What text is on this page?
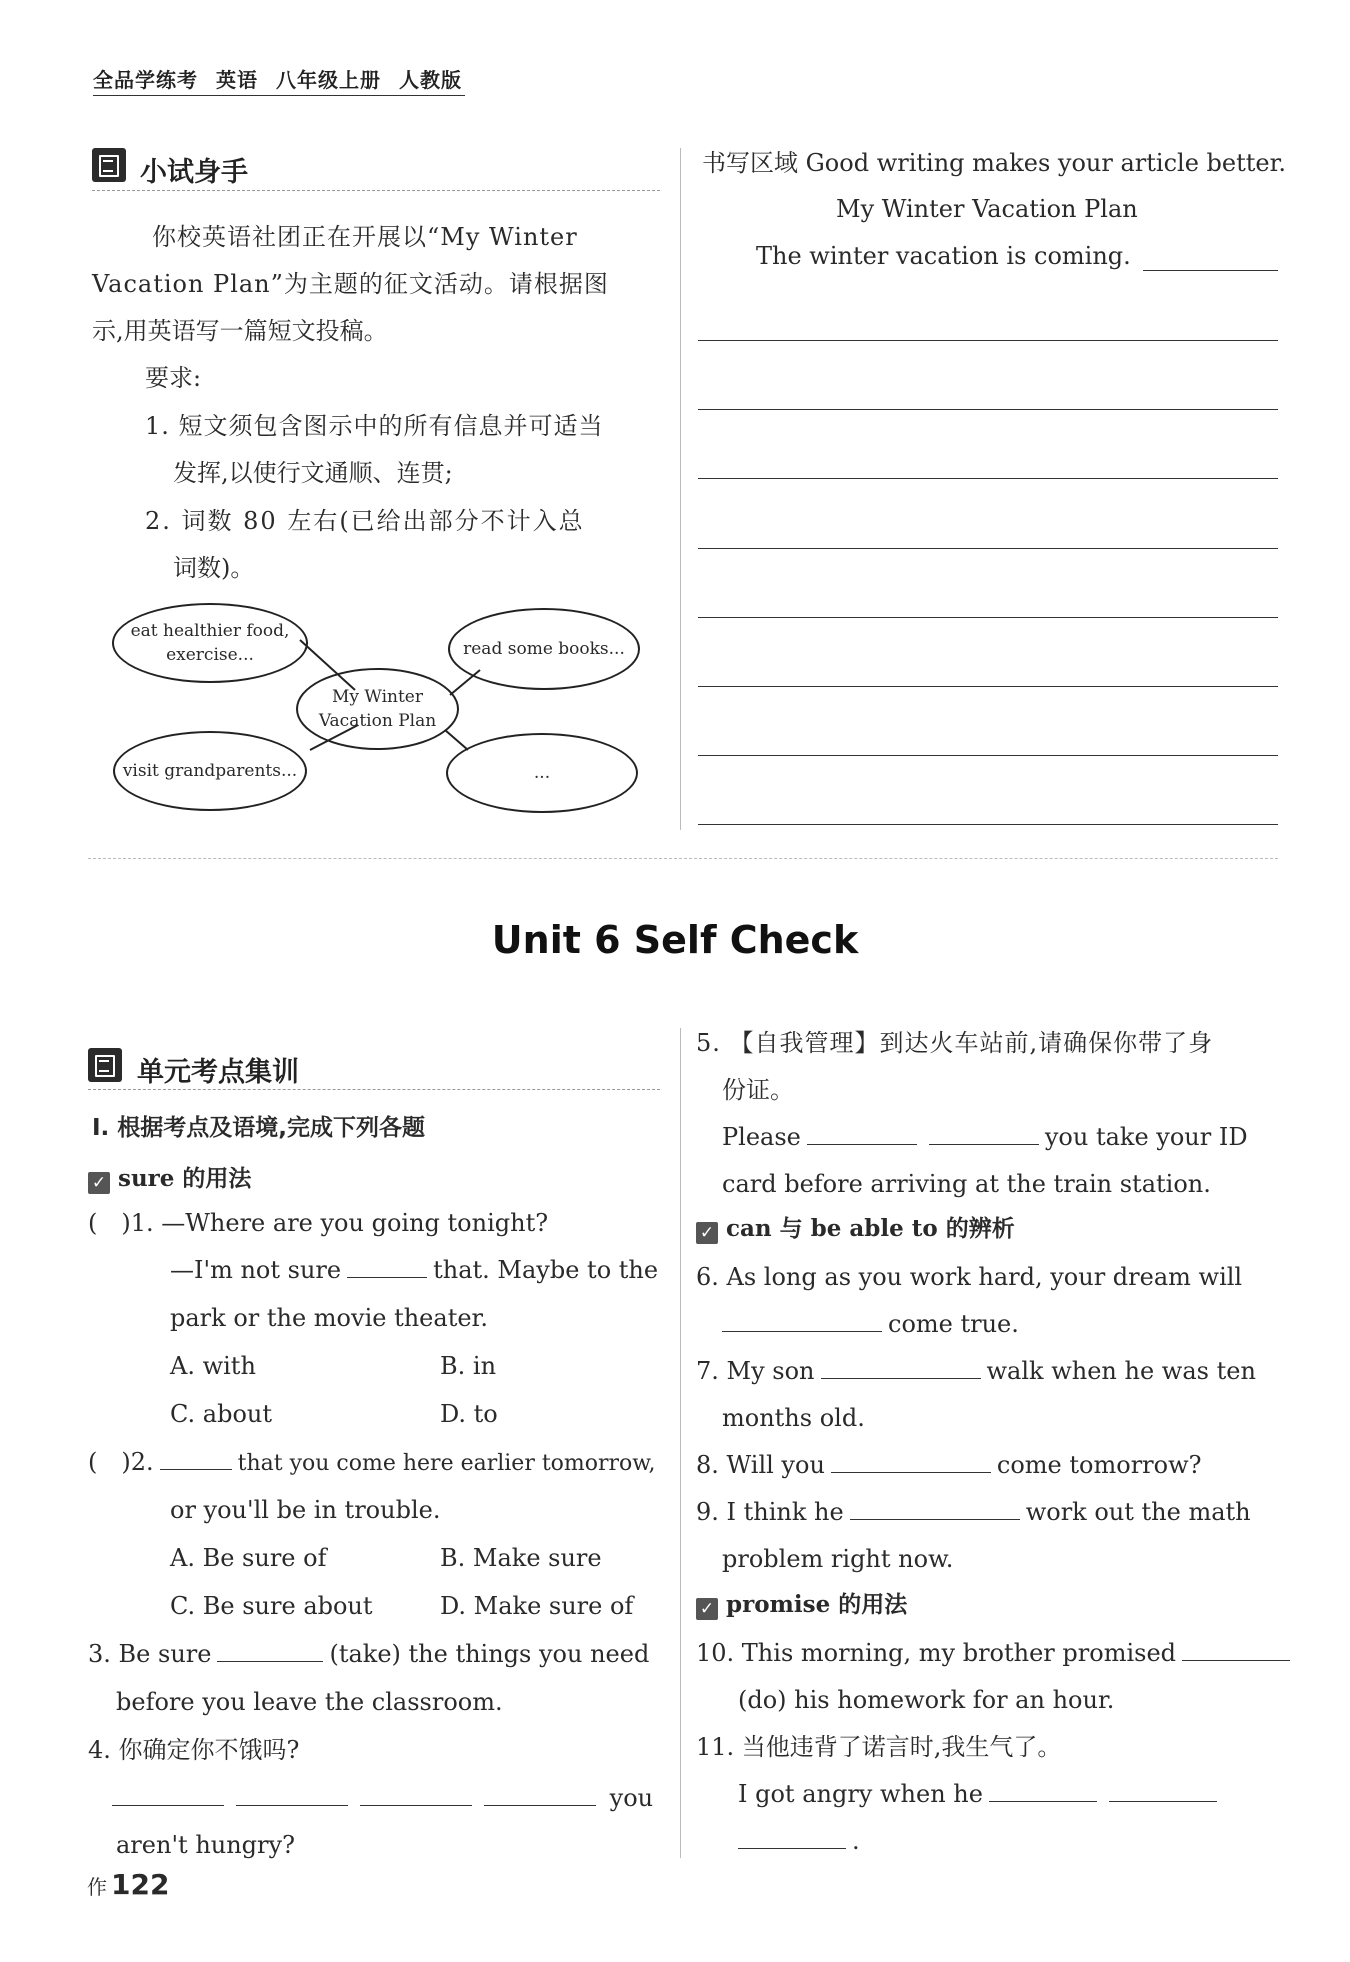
全品学练考 英语 八年级上册 人教版
小试身手
你校英语社团正在开展以“My Winter
Vacation Plan”为主题的征文活动。请根据图
示,用英语写一篇短文投稿。
要求:
1. 短文须包含图示中的所有信息并可适当
发挥,以使行文通顺、连贯;
2. 词数 80 左右(已给出部分不计入总
词数)。
eat healthier food,
exercise...	read some books...
My Winter
Vacation Plan
visit grandparents...	...
书写区域 Good writing makes your article better.
My Winter Vacation Plan
The winter vacation is coming.
Unit 6 Self Check
单元考点集训
Ⅰ. 根据考点及语境,完成下列各题
✓ sure 的用法
(　)1. —Where are you going tonight?
—I'm not sure	that. Maybe to the
park or the movie theater.
A. with	B. in
C. about	D. to
(　)2.	that you come here earlier tomorrow,
or you'll be in trouble.
A. Be sure of	B. Make sure
C. Be sure about	D. Make sure of
3. Be sure	(take) the things you need
before you leave the classroom.
4. 你确定你不饿吗?
you
aren't hungry?
5. 【自我管理】到达火车站前,请确保你带了身
份证。
Please	you take your ID
card before arriving at the train station.
✓ can 与 be able to 的辨析
6. As long as you work hard, your dream will
come true.
7. My son	walk when he was ten
months old.
8. Will you	come tomorrow?
9. I think he	work out the math
problem right now.
✓ promise 的用法
10. This morning, my brother promised
(do) his homework for an hour.
11. 当他违背了诺言时,我生气了。
I got angry when he
.
作 122
